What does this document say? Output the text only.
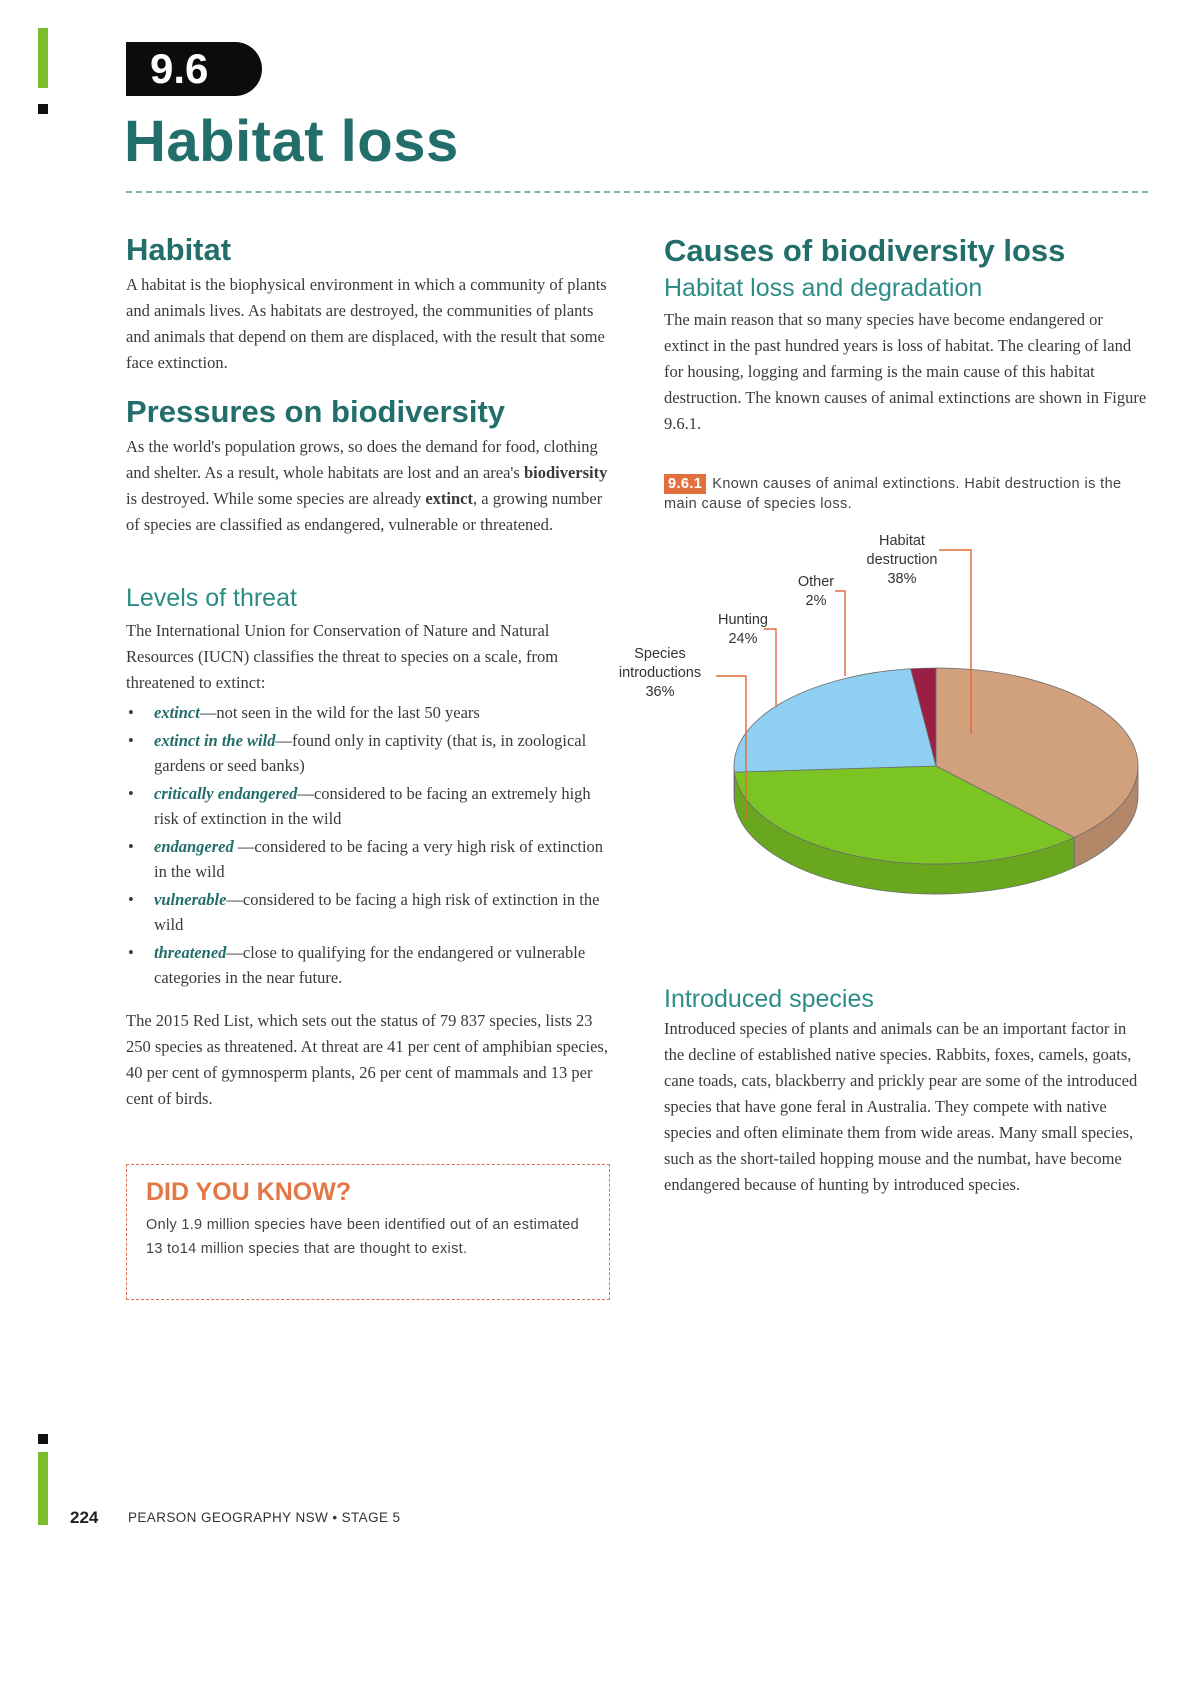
9.6
Habitat loss
Habitat

A habitat is the biophysical environment in which a community of plants and animals lives. As habitats are destroyed, the communities of plants and animals that depend on them are displaced, with the result that some face extinction.

Pressures on biodiversity

As the world's population grows, so does the demand for food, clothing and shelter. As a result, whole habitats are lost and an area's biodiversity is destroyed. While some species are already extinct, a growing number of species are classified as endangered, vulnerable or threatened.

Levels of threat

The International Union for Conservation of Nature and Natural Resources (IUCN) classifies the threat to species on a scale, from threatened to extinct:

• extinct—not seen in the wild for the last 50 years
• extinct in the wild—found only in captivity (that is, in zoological gardens or seed banks)
• critically endangered—considered to be facing an extremely high risk of extinction in the wild
• endangered —considered to be facing a very high risk of extinction in the wild
• vulnerable—considered to be facing a high risk of extinction in the wild
• threatened—close to qualifying for the endangered or vulnerable categories in the near future.

The 2015 Red List, which sets out the status of 79 837 species, lists 23 250 species as threatened. At threat are 41 per cent of amphibian species, 40 per cent of gymnosperm plants, 26 per cent of mammals and 13 per cent of birds.

DID YOU KNOW?
Only 1.9 million species have been identified out of an estimated 13 to14 million species that are thought to exist.
Causes of biodiversity loss
Habitat loss and degradation

The main reason that so many species have become endangered or extinct in the past hundred years is loss of habitat. The clearing of land for housing, logging and farming is the main cause of this habitat destruction. The known causes of animal extinctions are shown in Figure 9.6.1.

9.6.1 Known causes of animal extinctions. Habit destruction is the main cause of species loss.
Habitat
destruction
38%
Species
introductions
36%
Hunting
24%
Other
2%
Introduced species

Introduced species of plants and animals can be an important factor in the decline of established native species. Rabbits, foxes, camels, goats, cane toads, cats, blackberry and prickly pear are some of the introduced species that have gone feral in Australia. They compete with native species and often eliminate them from wide areas. Many small species, such as the short-tailed hopping mouse and the numbat, have become endangered because of hunting by introduced species.

224 PEARSON GEOGRAPHY NSW • STAGE 5
